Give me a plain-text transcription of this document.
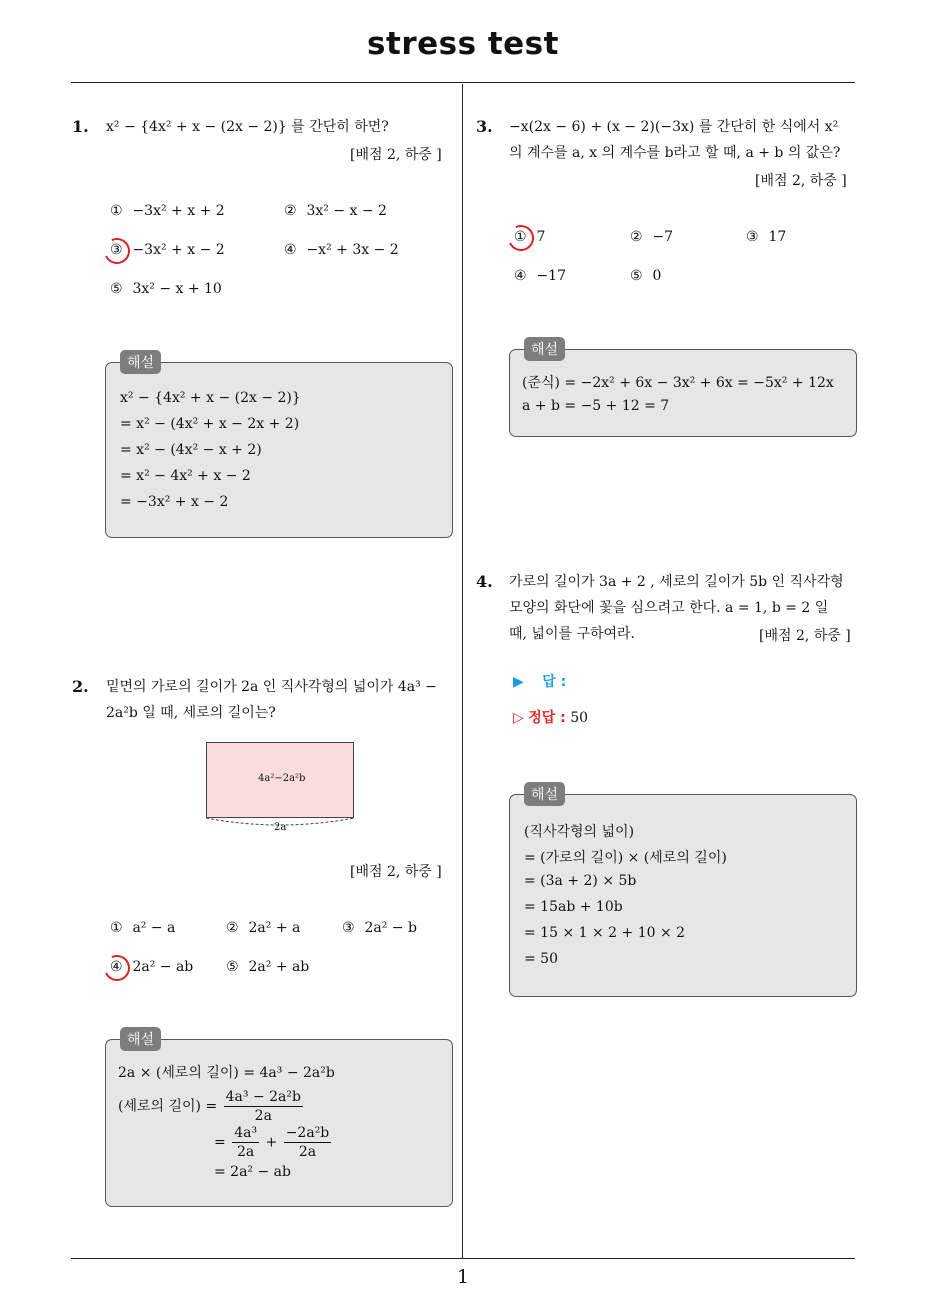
stress test
1
1. x² − {4x² + x − (2x − 2)} 를 간단히 하면?
[배점 2, 하중 ]
① −3x² + x + 2	② 3x² − x − 2
③ −3x² + x − 2	④ −x² + 3x − 2
⑤ 3x² − x + 10
x² − {4x² + x − (2x − 2)}
= x² − (4x² + x − 2x + 2)
= x² − (4x² − x + 2)
= x² − 4x² + x − 2
= −3x² + x − 2
해설
2. 밑면의 가로의 길이가 2a 인 직사각형의 넓이가 4a³ −
2a²b 일 때, 세로의 길이는?
4a²−2a²b
2a
[배점 2, 하중 ]
① a² − a	② 2a² + a	③ 2a² − b
④ 2a² − ab ⑤ 2a² + ab
2a × (세로의 길이) = 4a³ − 2a²b
(세로의 길이) = $\frac{\text{4a³ − 2a²b}}{2a}$
= $\frac{\text{4a³}}{2a} + \frac{\text{−2a²b}}{2a}$
= 2a² − ab
해설
3. −x(2x − 6) + (x − 2)(−3x) 를 간단히 한 식에서 x²
의 계수를 a, x 의 계수를 b라고 할 때, a + b 의 값은?
[배점 2, 하중 ]
① 7	② −7	③ 17
④ −17	⑤ 0
(준식) = −2x² + 6x − 3x² + 6x = −5x² + 12x
a + b = −5 + 12 = 7
해설
4. 가로의 길이가 3a + 2 , 세로의 길이가 5b 인 직사각형
모양의 화단에 꽃을 심으려고 한다. a = 1, b = 2 일
때, 넓이를 구하여라.	[배점 2, 하중 ]
▶ 답 :
▷ 정답 : 50
(직사각형의 넓이)
= (가로의 길이) × (세로의 길이)
= (3a + 2) × 5b
= 15ab + 10b
= 15 × 1 × 2 + 10 × 2
= 50
해설
